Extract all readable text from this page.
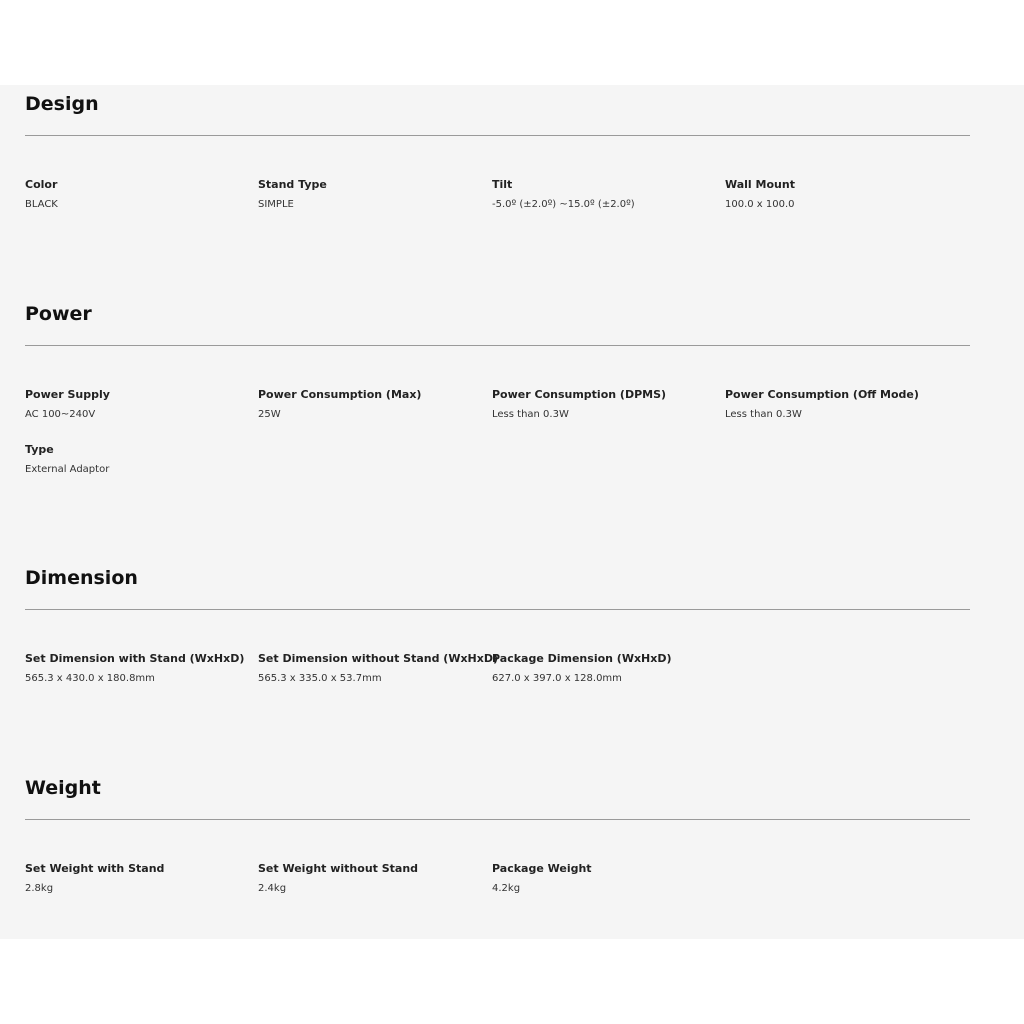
Design
Color
BLACK
Stand Type
SIMPLE
Tilt
-5.0º (±2.0º) ~15.0º (±2.0º)
Wall Mount
100.0 x 100.0
Power
Power Supply
AC 100~240V
Power Consumption (Max)
25W
Power Consumption (DPMS)
Less than 0.3W
Power Consumption (Off Mode)
Less than 0.3W
Type
External Adaptor
Dimension
Set Dimension with Stand (WxHxD)
565.3 x 430.0 x 180.8mm
Set Dimension without Stand (WxHxD)
565.3 x 335.0 x 53.7mm
Package Dimension (WxHxD)
627.0 x 397.0 x 128.0mm
Weight
Set Weight with Stand
2.8kg
Set Weight without Stand
2.4kg
Package Weight
4.2kg
